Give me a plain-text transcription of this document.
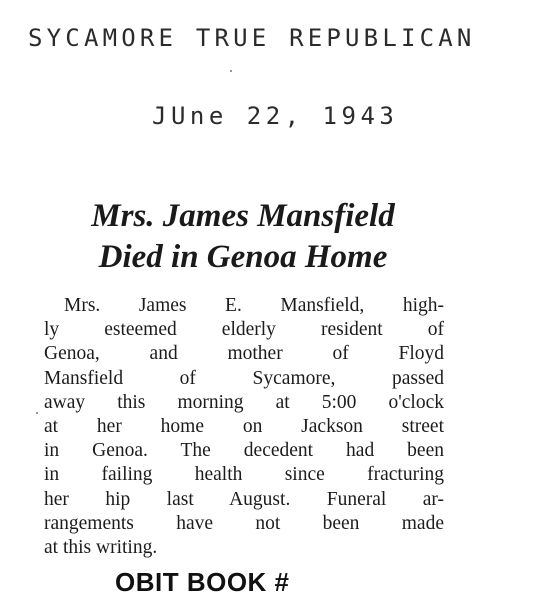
SYCAMORE TRUE REPUBLICAN
JUne 22, 1943
Mrs. James Mansfield
Died in Genoa Home
Mrs. James E. Mansfield, high-
ly esteemed elderly resident of
Genoa, and mother of Floyd
Mansfield of Sycamore, passed
away this morning at 5:00 o'clock
at her home on Jackson street
in Genoa. The decedent had been
in failing health since fracturing
her hip last August. Funeral ar-
rangements have not been made
at this writing.
OBIT BOOK #
